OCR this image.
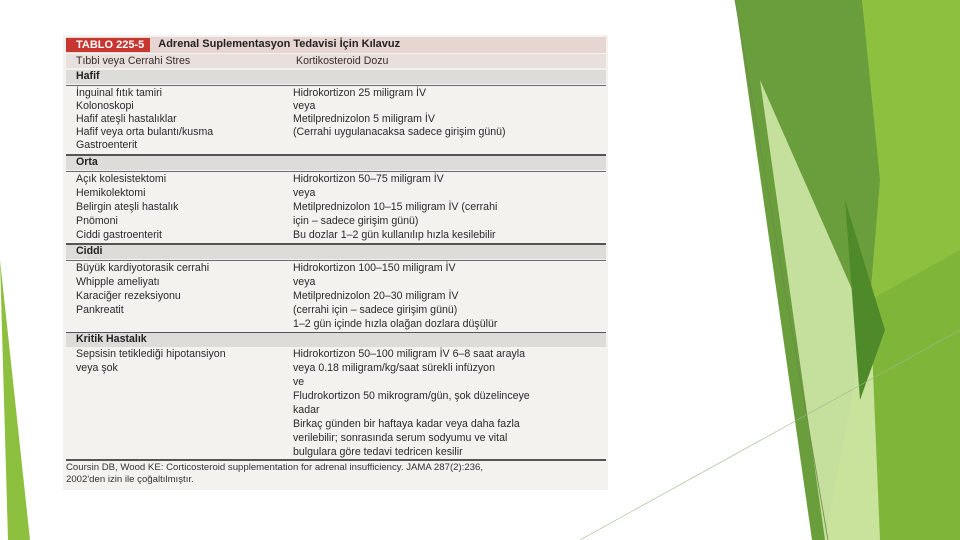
TABLO 225-5	Adrenal Suplementasyon Tedavisi İçin Kılavuz
Tıbbi veya Cerrahi Stres	Kortikosteroid Dozu
Hafif
İnguinal fıtık tamiri
Kolonoskopi
Hafif ateşli hastalıklar
Hafif veya orta bulantı/kusma
Gastroenterit
Hidrokortizon 25 miligram İV
veya
Metilprednizolon 5 miligram İV
(Cerrahi uygulanacaksa sadece girişim günü)
Orta
Açık kolesistektomi
Hemikolektomi
Belirgin ateşli hastalık
Pnömoni
Ciddi gastroenterit
Hidrokortizon 50–75 miligram İV
veya
Metilprednizolon 10–15 miligram İV (cerrahi
için – sadece girişim günü)
Bu dozlar 1–2 gün kullanılıp hızla kesilebilir
Ciddi
Büyük kardiyotorasik cerrahi
Whipple ameliyatı
Karaciğer rezeksiyonu
Pankreatit
Hidrokortizon 100–150 miligram İV
veya
Metilprednizolon 20–30 miligram İV
(cerrahi için – sadece girişim günü)
1–2 gün içinde hızla olağan dozlara düşülür
Kritik Hastalık
Sepsisin tetiklediği hipotansiyon
veya şok
Hidrokortizon 50–100 miligram İV 6–8 saat arayla
veya 0.18 miligram/kg/saat sürekli infüzyon
ve
Fludrokortizon 50 mikrogram/gün, şok düzelinceye
kadar
Birkaç günden bir haftaya kadar veya daha fazla
verilebilir; sonrasında serum sodyumu ve vital
bulgulara göre tedavi tedricen kesilir
Coursin DB, Wood KE: Corticosteroid supplementation for adrenal insufficiency. JAMA 287(2):236,
2002'den izin ile çoğaltılmıştır.
